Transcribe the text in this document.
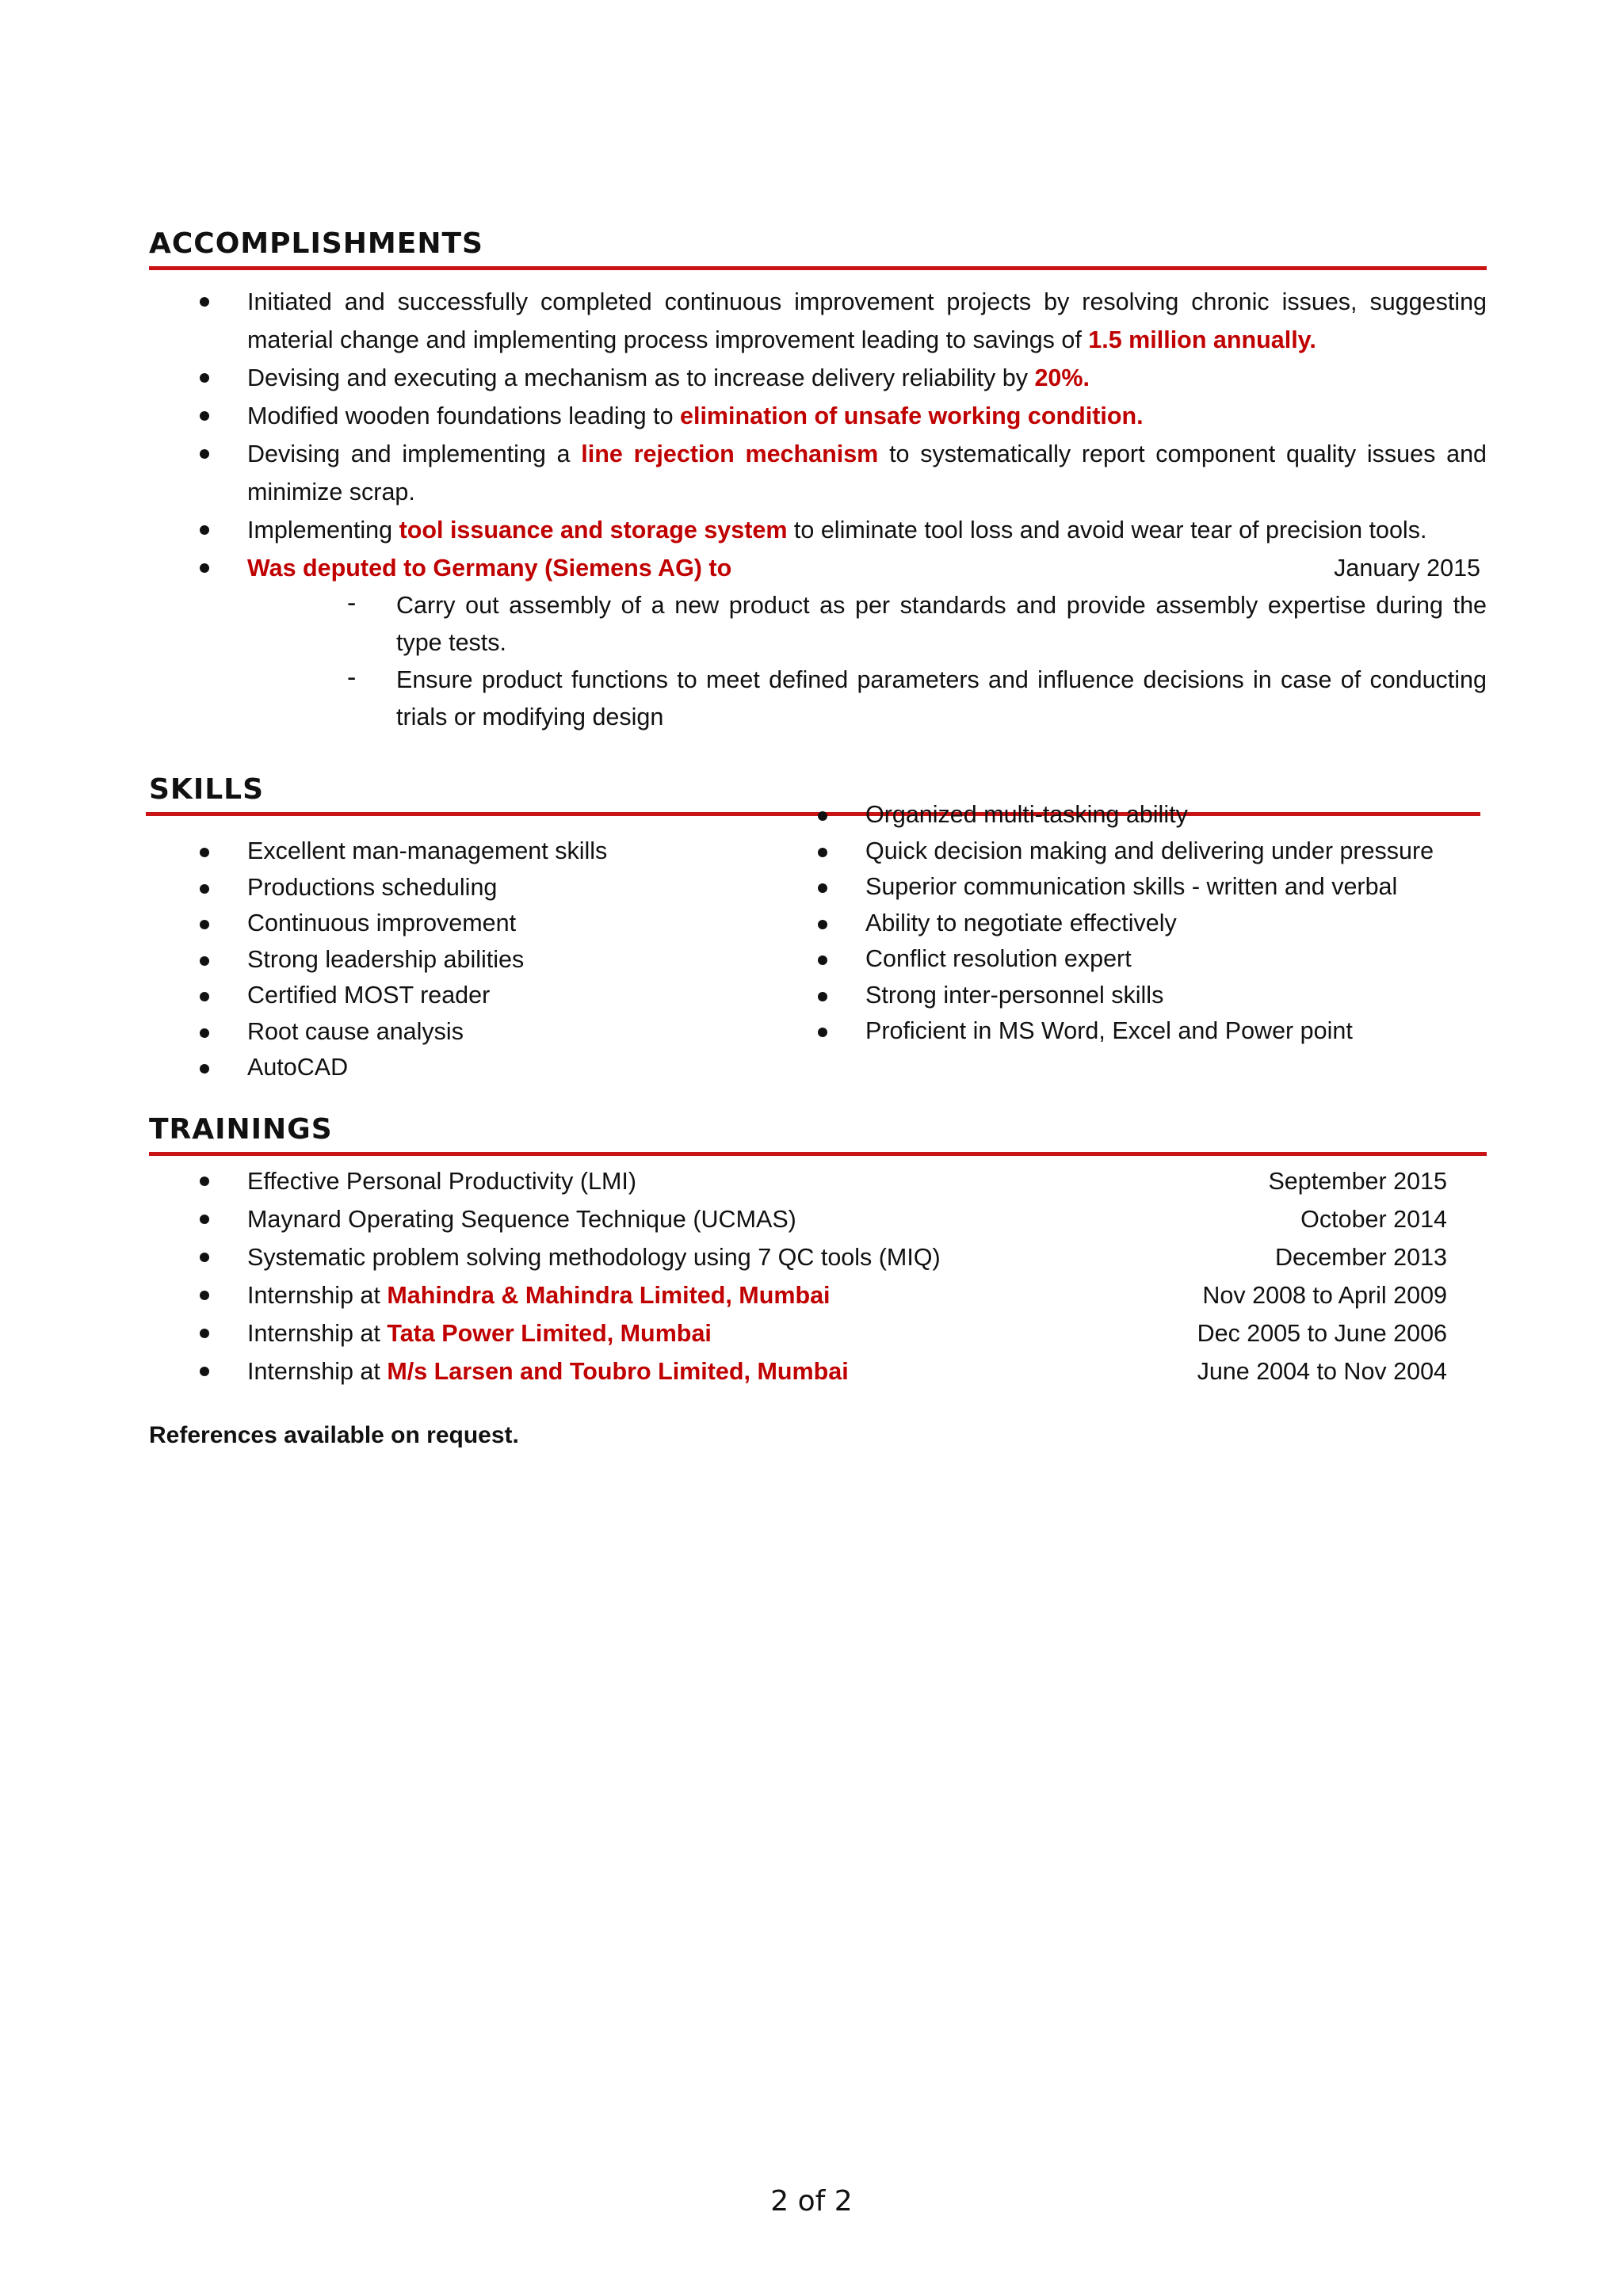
ACCOMPLISHMENTS
Initiated and successfully completed continuous improvement projects by resolving chronic issues, suggesting material change and implementing process improvement leading to savings of 1.5 million annually.
Devising and executing a mechanism as to increase delivery reliability by 20%.
Modified wooden foundations leading to elimination of unsafe working condition.
Devising and implementing a line rejection mechanism to systematically report component quality issues and minimize scrap.
Implementing tool issuance and storage system to eliminate tool loss and avoid wear tear of precision tools.
Was deputed to Germany (Siemens AG) to	January 2015
- Carry out assembly of a new product as per standards and provide assembly expertise during the type tests.
- Ensure product functions to meet defined parameters and influence decisions in case of conducting trials or modifying design
SKILLS
Excellent man-management skills
Productions scheduling
Continuous improvement
Strong leadership abilities
Certified MOST reader
Root cause analysis
AutoCAD
Organized multi-tasking ability
Quick decision making and delivering under pressure
Superior communication skills - written and verbal
Ability to negotiate effectively
Conflict resolution expert
Strong inter-personnel skills
Proficient in MS Word, Excel and Power point
TRAININGS
Effective Personal Productivity (LMI)	September 2015
Maynard Operating Sequence Technique (UCMAS)	October 2014
Systematic problem solving methodology using 7 QC tools (MIQ)	December 2013
Internship at Mahindra & Mahindra Limited, Mumbai	Nov 2008 to April 2009
Internship at Tata Power Limited, Mumbai	Dec 2005 to June 2006
Internship at M/s Larsen and Toubro Limited, Mumbai	June 2004 to Nov 2004
References available on request.
2 of 2
